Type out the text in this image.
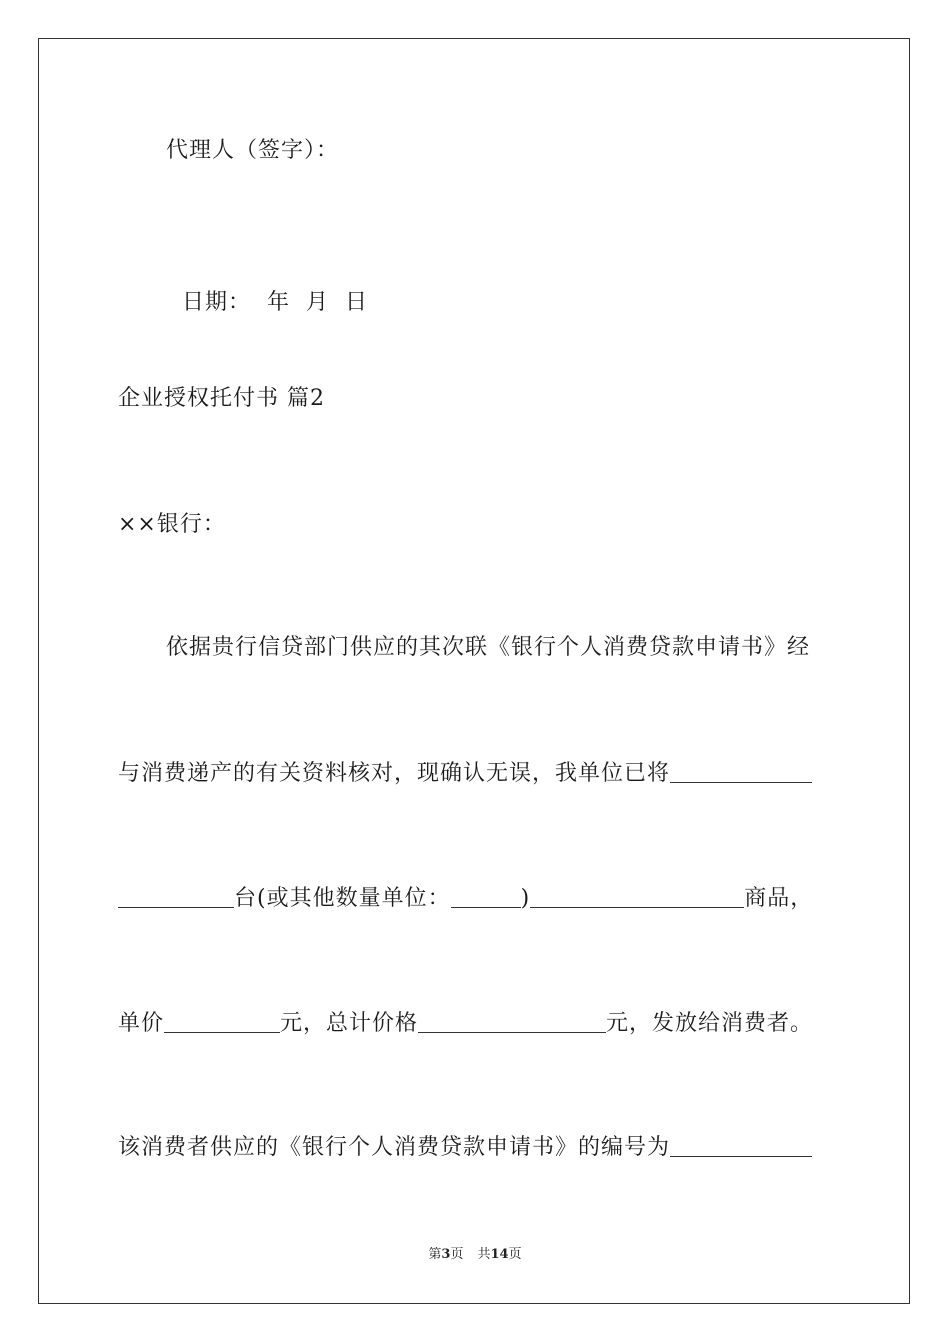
代理人（签字）：

日期：  年  月  日

企业授权托付书 篇2
××银行：
依据贵行信贷部门供应的其次联《银行个人消费贷款申请书》经
与消费递产的有关资料核对，现确认无误，我单位已将
台(或其他数量单位：	)	商品，
单价	元，总计价格	元，发放给消费者。
该消费者供应的《银行个人消费贷款申请书》的编号为
第3页 共14页
